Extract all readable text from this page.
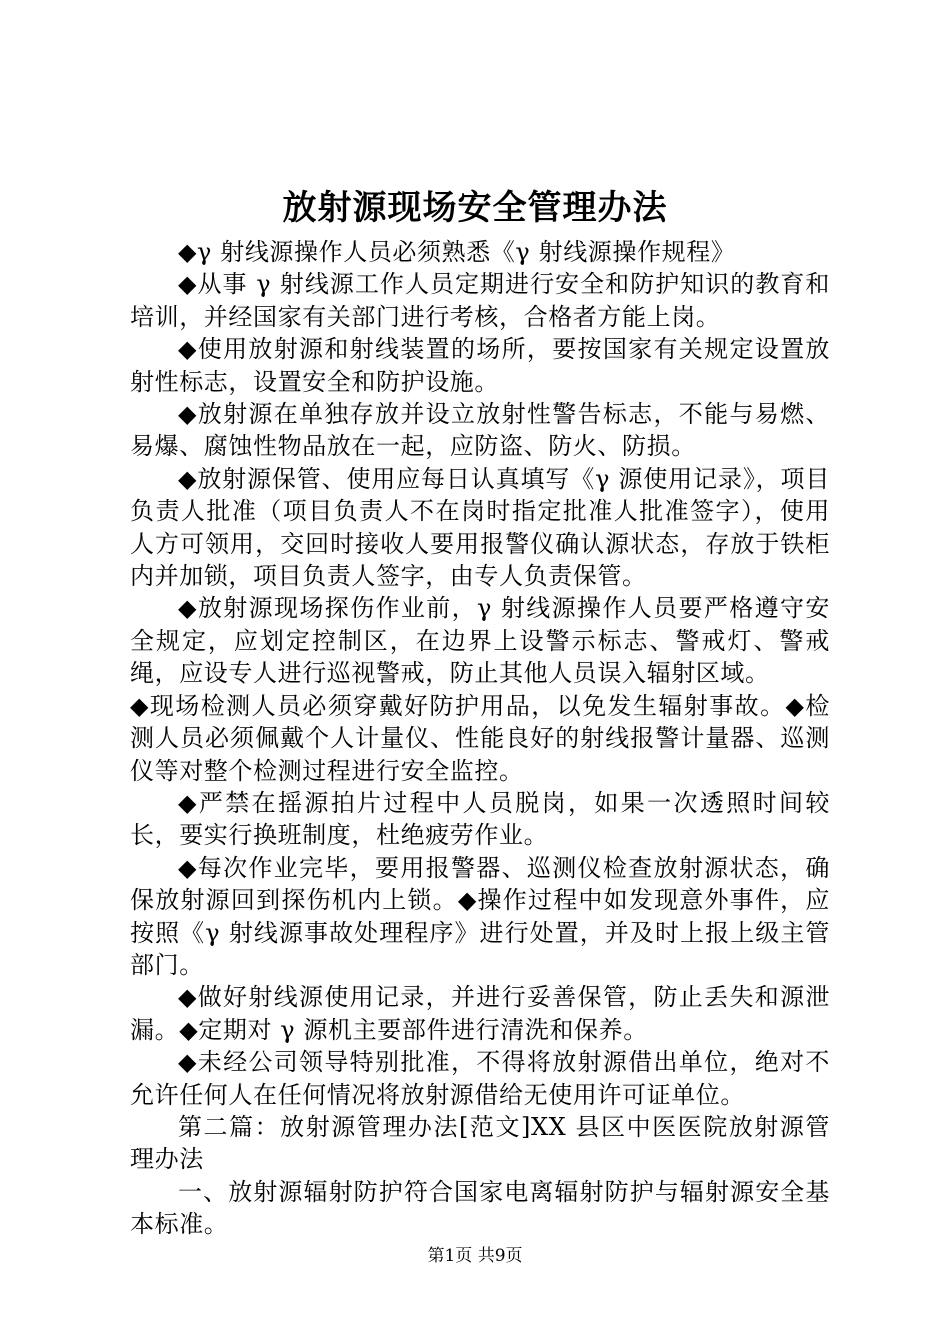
放射源现场安全管理办法

◆γ 射线源操作人员必须熟悉《γ 射线源操作规程》

◆从事 γ 射线源工作人员定期进行安全和防护知识的教育和培训，并经国家有关部门进行考核，合格者方能上岗。

◆使用放射源和射线装置的场所，要按国家有关规定设置放射性标志，设置安全和防护设施。

◆放射源在单独存放并设立放射性警告标志，不能与易燃、易爆、腐蚀性物品放在一起，应防盗、防火、防损。

◆放射源保管、使用应每日认真填写《γ 源使用记录》，项目负责人批准（项目负责人不在岗时指定批准人批准签字），使用人方可领用，交回时接收人要用报警仪确认源状态，存放于铁柜内并加锁，项目负责人签字，由专人负责保管。

◆放射源现场探伤作业前，γ 射线源操作人员要严格遵守安全规定，应划定控制区，在边界上设警示标志、警戒灯、警戒绳，应设专人进行巡视警戒，防止其他人员误入辐射区域。

◆现场检测人员必须穿戴好防护用品，以免发生辐射事故。◆检测人员必须佩戴个人计量仪、性能良好的射线报警计量器、巡测仪等对整个检测过程进行安全监控。

◆严禁在摇源拍片过程中人员脱岗，如果一次透照时间较长，要实行换班制度，杜绝疲劳作业。

◆每次作业完毕，要用报警器、巡测仪检查放射源状态，确保放射源回到探伤机内上锁。◆操作过程中如发现意外事件，应按照《γ 射线源事故处理程序》进行处置，并及时上报上级主管部门。

◆做好射线源使用记录，并进行妥善保管，防止丢失和源泄漏。◆定期对 γ 源机主要部件进行清洗和保养。

◆未经公司领导特别批准，不得将放射源借出单位，绝对不允许任何人在任何情况将放射源借给无使用许可证单位。

第二篇：放射源管理办法[范文]XX 县区中医医院放射源管理办法

一、放射源辐射防护符合国家电离辐射防护与辐射源安全基本标准。

第1页 共9页
